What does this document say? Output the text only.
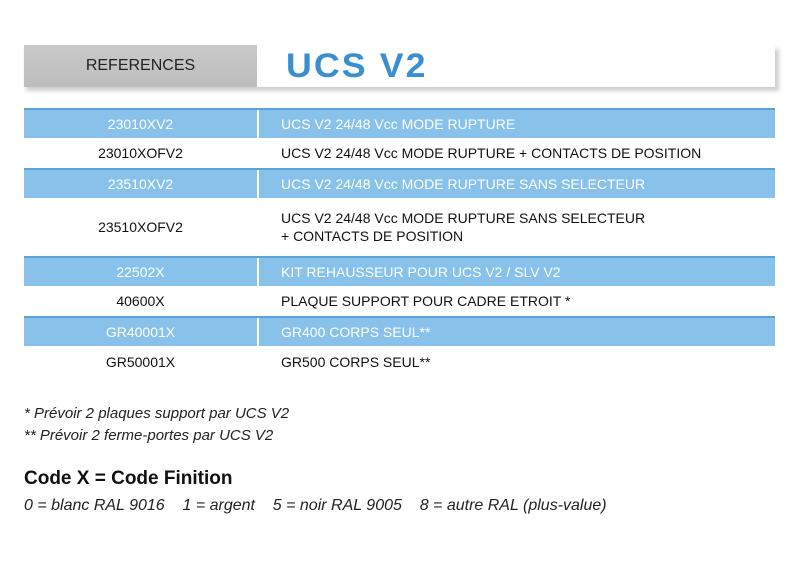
REFERENCES	UCS V2
23010XV2		UCS V2 24/48 Vcc MODE RUPTURE
23010XOFV2		UCS V2 24/48 Vcc MODE RUPTURE + CONTACTS DE POSITION
23510XV2		UCS V2 24/48 Vcc MODE RUPTURE SANS SELECTEUR
23510XOFV2		UCS V2 24/48 Vcc MODE RUPTURE SANS SELECTEUR
+ CONTACTS DE POSITION

22502X		KIT REHAUSSEUR POUR UCS V2 / SLV V2
40600X		PLAQUE SUPPORT POUR CADRE ETROIT *
GR40001X		GR400 CORPS SEUL**
GR50001X		GR500 CORPS SEUL**
* Prévoir 2 plaques support par UCS V2
** Prévoir 2 ferme-portes par UCS V2
Code X = Code Finition
0 = blanc RAL 9016 1 = argent 5 = noir RAL 9005 8 = autre RAL (plus-value)
